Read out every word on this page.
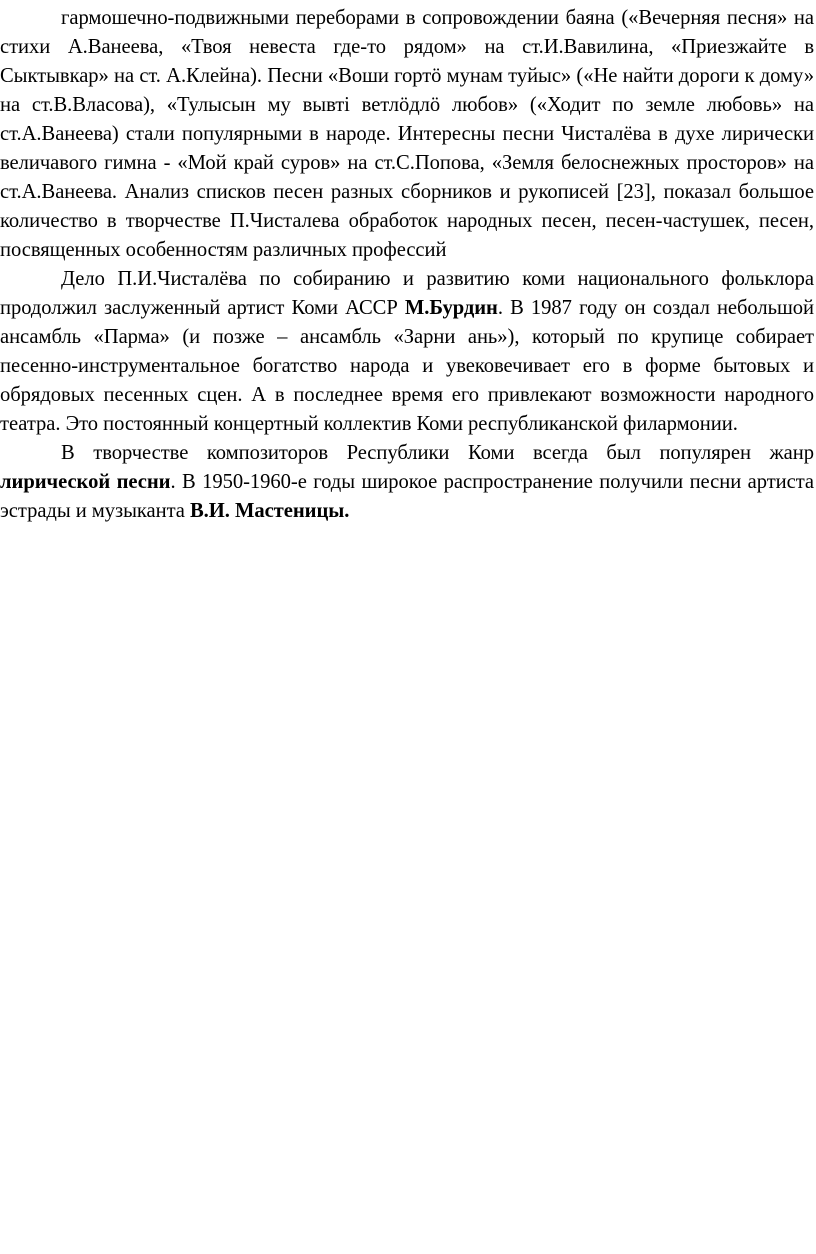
гармошечно-подвижными переборами в сопровождении баяна («Вечерняя песня» на стихи А.Ванеева, «Твоя невеста где-то рядом» на ст.И.Вавилина, «Приезжайте в Сыктывкар» на ст. А.Клейна). Песни «Воши гортӧ мунам туйыс» («Не найти дороги к дому» на ст.В.Власова), «Тулысын му вывті ветлӧдлӧ любов» («Ходит по земле любовь» на ст.А.Ванеева) стали популярными в народе. Интересны песни Чисталёва в духе лирически величавого гимна - «Мой край суров» на ст.С.Попова, «Земля белоснежных просторов» на ст.А.Ванеева. Анализ списков песен разных сборников и рукописей [23], показал большое количество в творчестве П.Чисталева обработок народных песен, песен-частушек, песен, посвященных особенностям различных профессий

Дело П.И.Чисталёва по собиранию и развитию коми национального фольклора продолжил заслуженный артист Коми АССР М.Бурдин. В 1987 году он создал небольшой ансамбль «Парма» (и позже – ансамбль «Зарни ань»), который по крупице собирает песенно-инструментальное богатство народа и увековечивает его в форме бытовых и обрядовых песенных сцен. А в последнее время его привлекают возможности народного театра. Это постоянный концертный коллектив Коми республиканской филармонии.

В творчестве композиторов Республики Коми всегда был популярен жанр лирической песни. В 1950-1960-е годы широкое распространение получили песни артиста эстрады и музыканта В.И. Мастеницы.
